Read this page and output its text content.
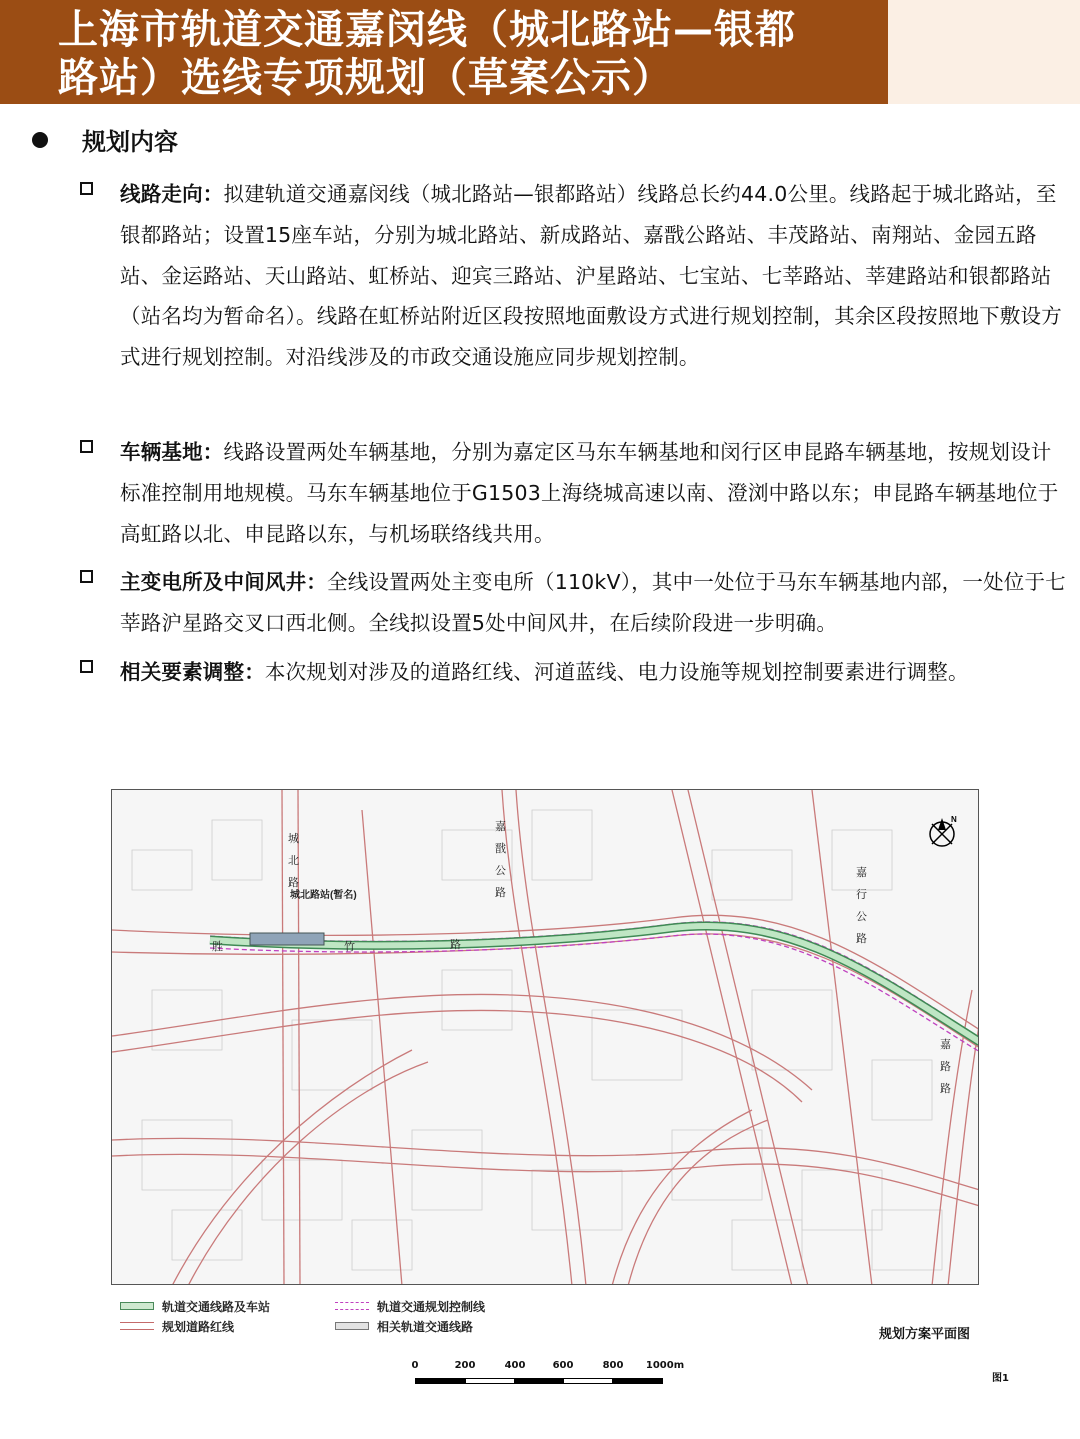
上海市轨道交通嘉闵线（城北路站—银都
路站）选线专项规划（草案公示）
规划内容
线路走向：拟建轨道交通嘉闵线（城北路站—银都路站）线路总长约44.0公里。线路起于城北路站，至银都路站；设置15座车站，分别为城北路站、新成路站、嘉戬公路站、丰茂路站、南翔站、金园五路站、金运路站、天山路站、虹桥站、迎宾三路站、沪星路站、七宝站、七莘路站、莘建路站和银都路站（站名均为暂命名）。线路在虹桥站附近区段按照地面敷设方式进行规划控制，其余区段按照地下敷设方式进行规划控制。对沿线涉及的市政交通设施应同步规划控制。
车辆基地：线路设置两处车辆基地，分别为嘉定区马东车辆基地和闵行区申昆路车辆基地，按规划设计标准控制用地规模。马东车辆基地位于G1503上海绕城高速以南、澄浏中路以东；申昆路车辆基地位于高虹路以北、申昆路以东，与机场联络线共用。
主变电所及中间风井：全线设置两处主变电所（110kV），其中一处位于马东车辆基地内部，一处位于七莘路沪星路交叉口西北侧。全线拟设置5处中间风井，在后续阶段进一步明确。
相关要素调整：本次规划对涉及的道路红线、河道蓝线、电力设施等规划控制要素进行调整。
城北路站(暂名)
城北路
嘉戬公路
嘉行公路
嘉路路
胜	竹	路
N
轨道交通线路及车站
规划道路红线
轨道交通规划控制线
相关轨道交通线路
规划方案平面图
0	200	400	600	800 1000m
图1
